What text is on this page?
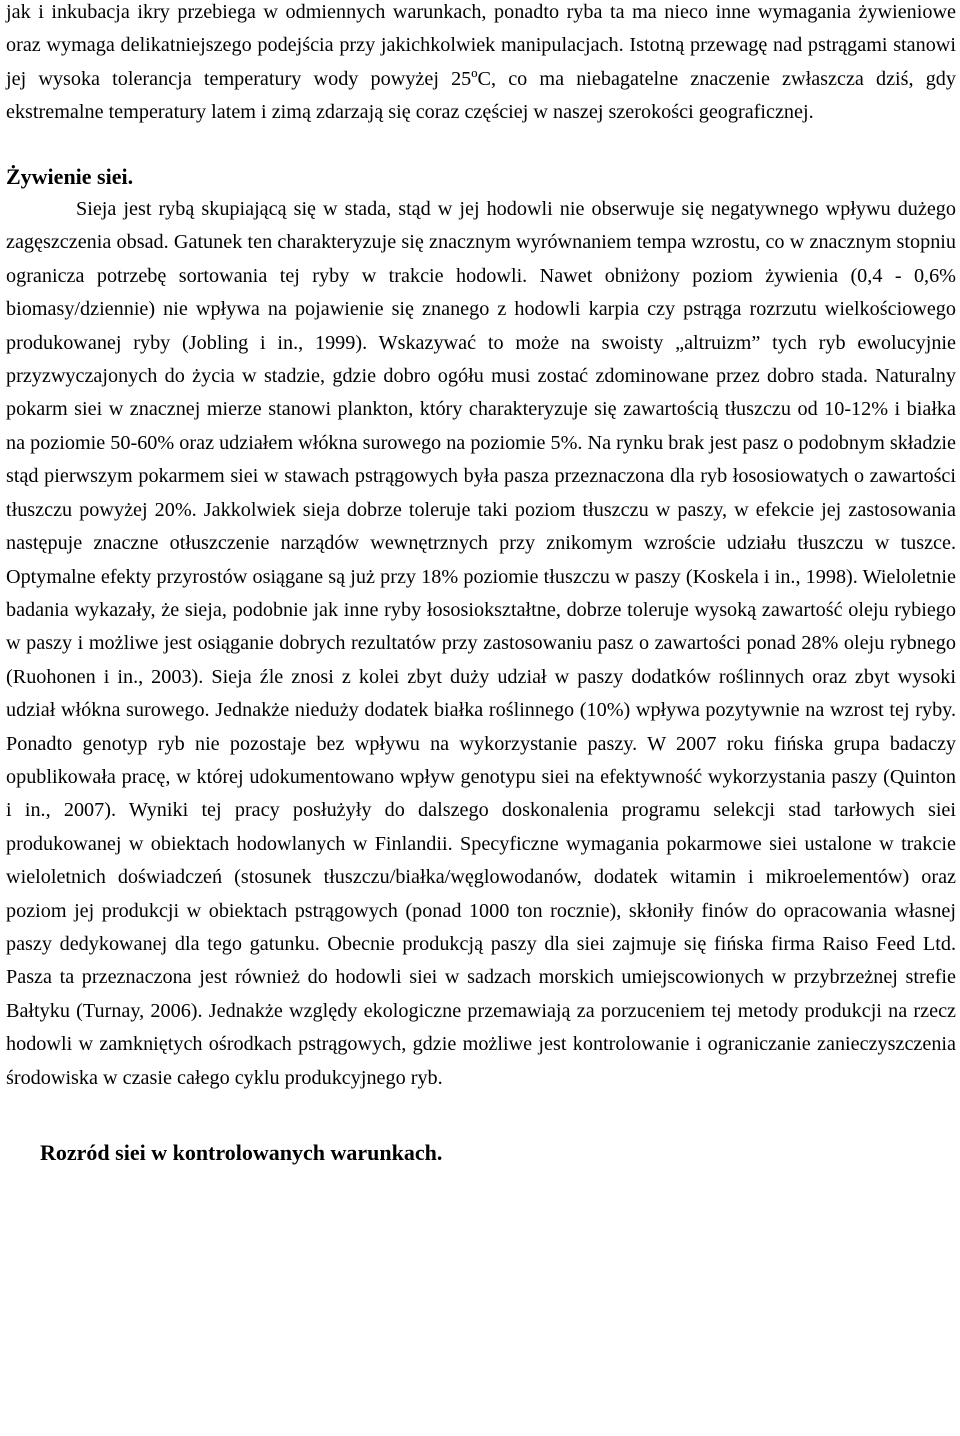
jak i inkubacja ikry przebiega w odmiennych warunkach, ponadto ryba ta ma nieco inne wymagania żywieniowe oraz wymaga delikatniejszego podejścia przy jakichkolwiek manipulacjach. Istotną przewagę nad pstrągami stanowi jej wysoka tolerancja temperatury wody powyżej 25ºC, co ma niebagatelne znaczenie zwłaszcza dziś, gdy ekstremalne temperatury latem i zimą zdarzają się coraz częściej w naszej szerokości geograficznej.

Żywienie siei.

Sieja jest rybą skupiającą się w stada, stąd w jej hodowli nie obserwuje się negatywnego wpływu dużego zagęszczenia obsad. Gatunek ten charakteryzuje się znacznym wyrównaniem tempa wzrostu, co w znacznym stopniu ogranicza potrzebę sortowania tej ryby w trakcie hodowli. Nawet obniżony poziom żywienia (0,4 - 0,6% biomasy/dziennie) nie wpływa na pojawienie się znanego z hodowli karpia czy pstrąga rozrzutu wielkościowego produkowanej ryby (Jobling i in., 1999). Wskazywać to może na swoisty „altruizm” tych ryb ewolucyjnie przyzwyczajonych do życia w stadzie, gdzie dobro ogółu musi zostać zdominowane przez dobro stada. Naturalny pokarm siei w znacznej mierze stanowi plankton, który charakteryzuje się zawartością tłuszczu od 10-12% i białka na poziomie 50-60% oraz udziałem włókna surowego na poziomie 5%. Na rynku brak jest pasz o podobnym składzie stąd pierwszym pokarmem siei w stawach pstrągowych była pasza przeznaczona dla ryb łososiowatych o zawartości tłuszczu powyżej 20%. Jakkolwiek sieja dobrze toleruje taki poziom tłuszczu w paszy, w efekcie jej zastosowania następuje znaczne otłuszczenie narządów wewnętrznych przy znikomym wzroście udziału tłuszczu w tuszce. Optymalne efekty przyrostów osiągane są już przy 18% poziomie tłuszczu w paszy (Koskela i in., 1998). Wieloletnie badania wykazały, że sieja, podobnie jak inne ryby łososiokształtne, dobrze toleruje wysoką zawartość oleju rybiego w paszy i możliwe jest osiąganie dobrych rezultatów przy zastosowaniu pasz o zawartości ponad 28% oleju rybnego (Ruohonen i in., 2003). Sieja źle znosi z kolei zbyt duży udział w paszy dodatków roślinnych oraz zbyt wysoki udział włókna surowego. Jednakże nieduży dodatek białka roślinnego (10%) wpływa pozytywnie na wzrost tej ryby. Ponadto genotyp ryb nie pozostaje bez wpływu na wykorzystanie paszy. W 2007 roku fińska grupa badaczy opublikowała pracę, w której udokumentowano wpływ genotypu siei na efektywność wykorzystania paszy (Quinton i in., 2007). Wyniki tej pracy posłużyły do dalszego doskonalenia programu selekcji stad tarłowych siei produkowanej w obiektach hodowlanych w Finlandii. Specyficzne wymagania pokarmowe siei ustalone w trakcie wieloletnich doświadczeń (stosunek tłuszczu/białka/węglowodanów, dodatek witamin i mikroelementów) oraz poziom jej produkcji w obiektach pstrągowych (ponad 1000 ton rocznie), skłoniły finów do opracowania własnej paszy dedykowanej dla tego gatunku. Obecnie produkcją paszy dla siei zajmuje się fińska firma Raiso Feed Ltd. Pasza ta przeznaczona jest również do hodowli siei w sadzach morskich umiejscowionych w przybrzeżnej strefie Bałtyku (Turnay, 2006). Jednakże względy ekologiczne przemawiają za porzuceniem tej metody produkcji na rzecz hodowli w zamkniętych ośrodkach pstrągowych, gdzie możliwe jest kontrolowanie i ograniczanie zanieczyszczenia środowiska w czasie całego cyklu produkcyjnego ryb.

Rozród siei w kontrolowanych warunkach.
